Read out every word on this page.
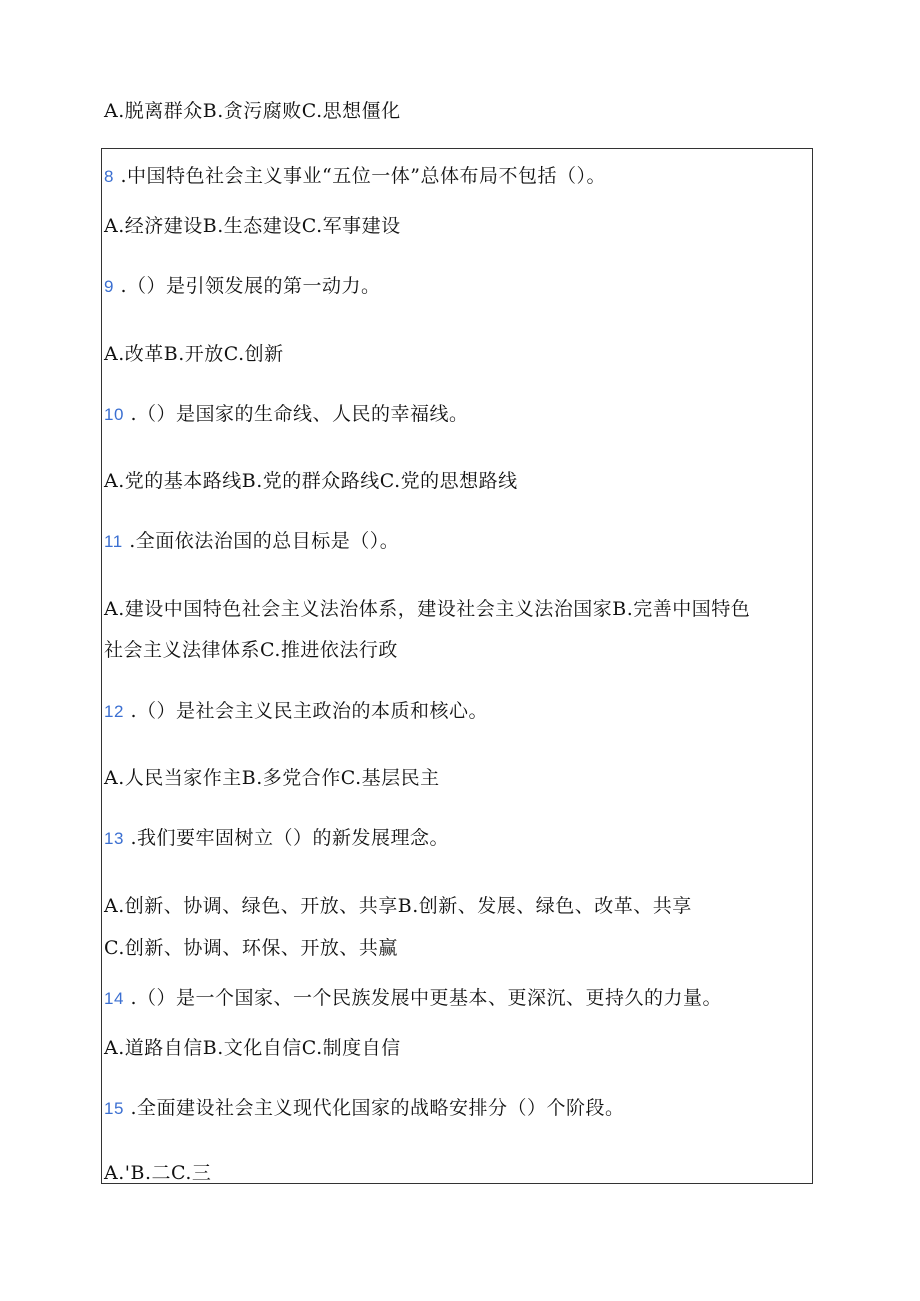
A.脱离群众B.贪污腐败C.思想僵化
8 .中国特色社会主义事业“五位一体”总体布局不包括（）。
A.经济建设B.生态建设C.军事建设
9 .（）是引领发展的第一动力。
A.改革B.开放C.创新
10 .（）是国家的生命线、人民的幸福线。
A.党的基本路线B.党的群众路线C.党的思想路线
11 .全面依法治国的总目标是（）。
A.建设中国特色社会主义法治体系，建设社会主义法治国家B.完善中国特色
社会主义法律体系C.推进依法行政
12 .（）是社会主义民主政治的本质和核心。
A.人民当家作主B.多党合作C.基层民主
13 .我们要牢固树立（）的新发展理念。
A.创新、协调、绿色、开放、共享B.创新、发展、绿色、改革、共享
C.创新、协调、环保、开放、共赢
14 .（）是一个国家、一个民族发展中更基本、更深沉、更持久的力量。
A.道路自信B.文化自信C.制度自信
15 .全面建设社会主义现代化国家的战略安排分（）个阶段。
A.'B.二C.三
